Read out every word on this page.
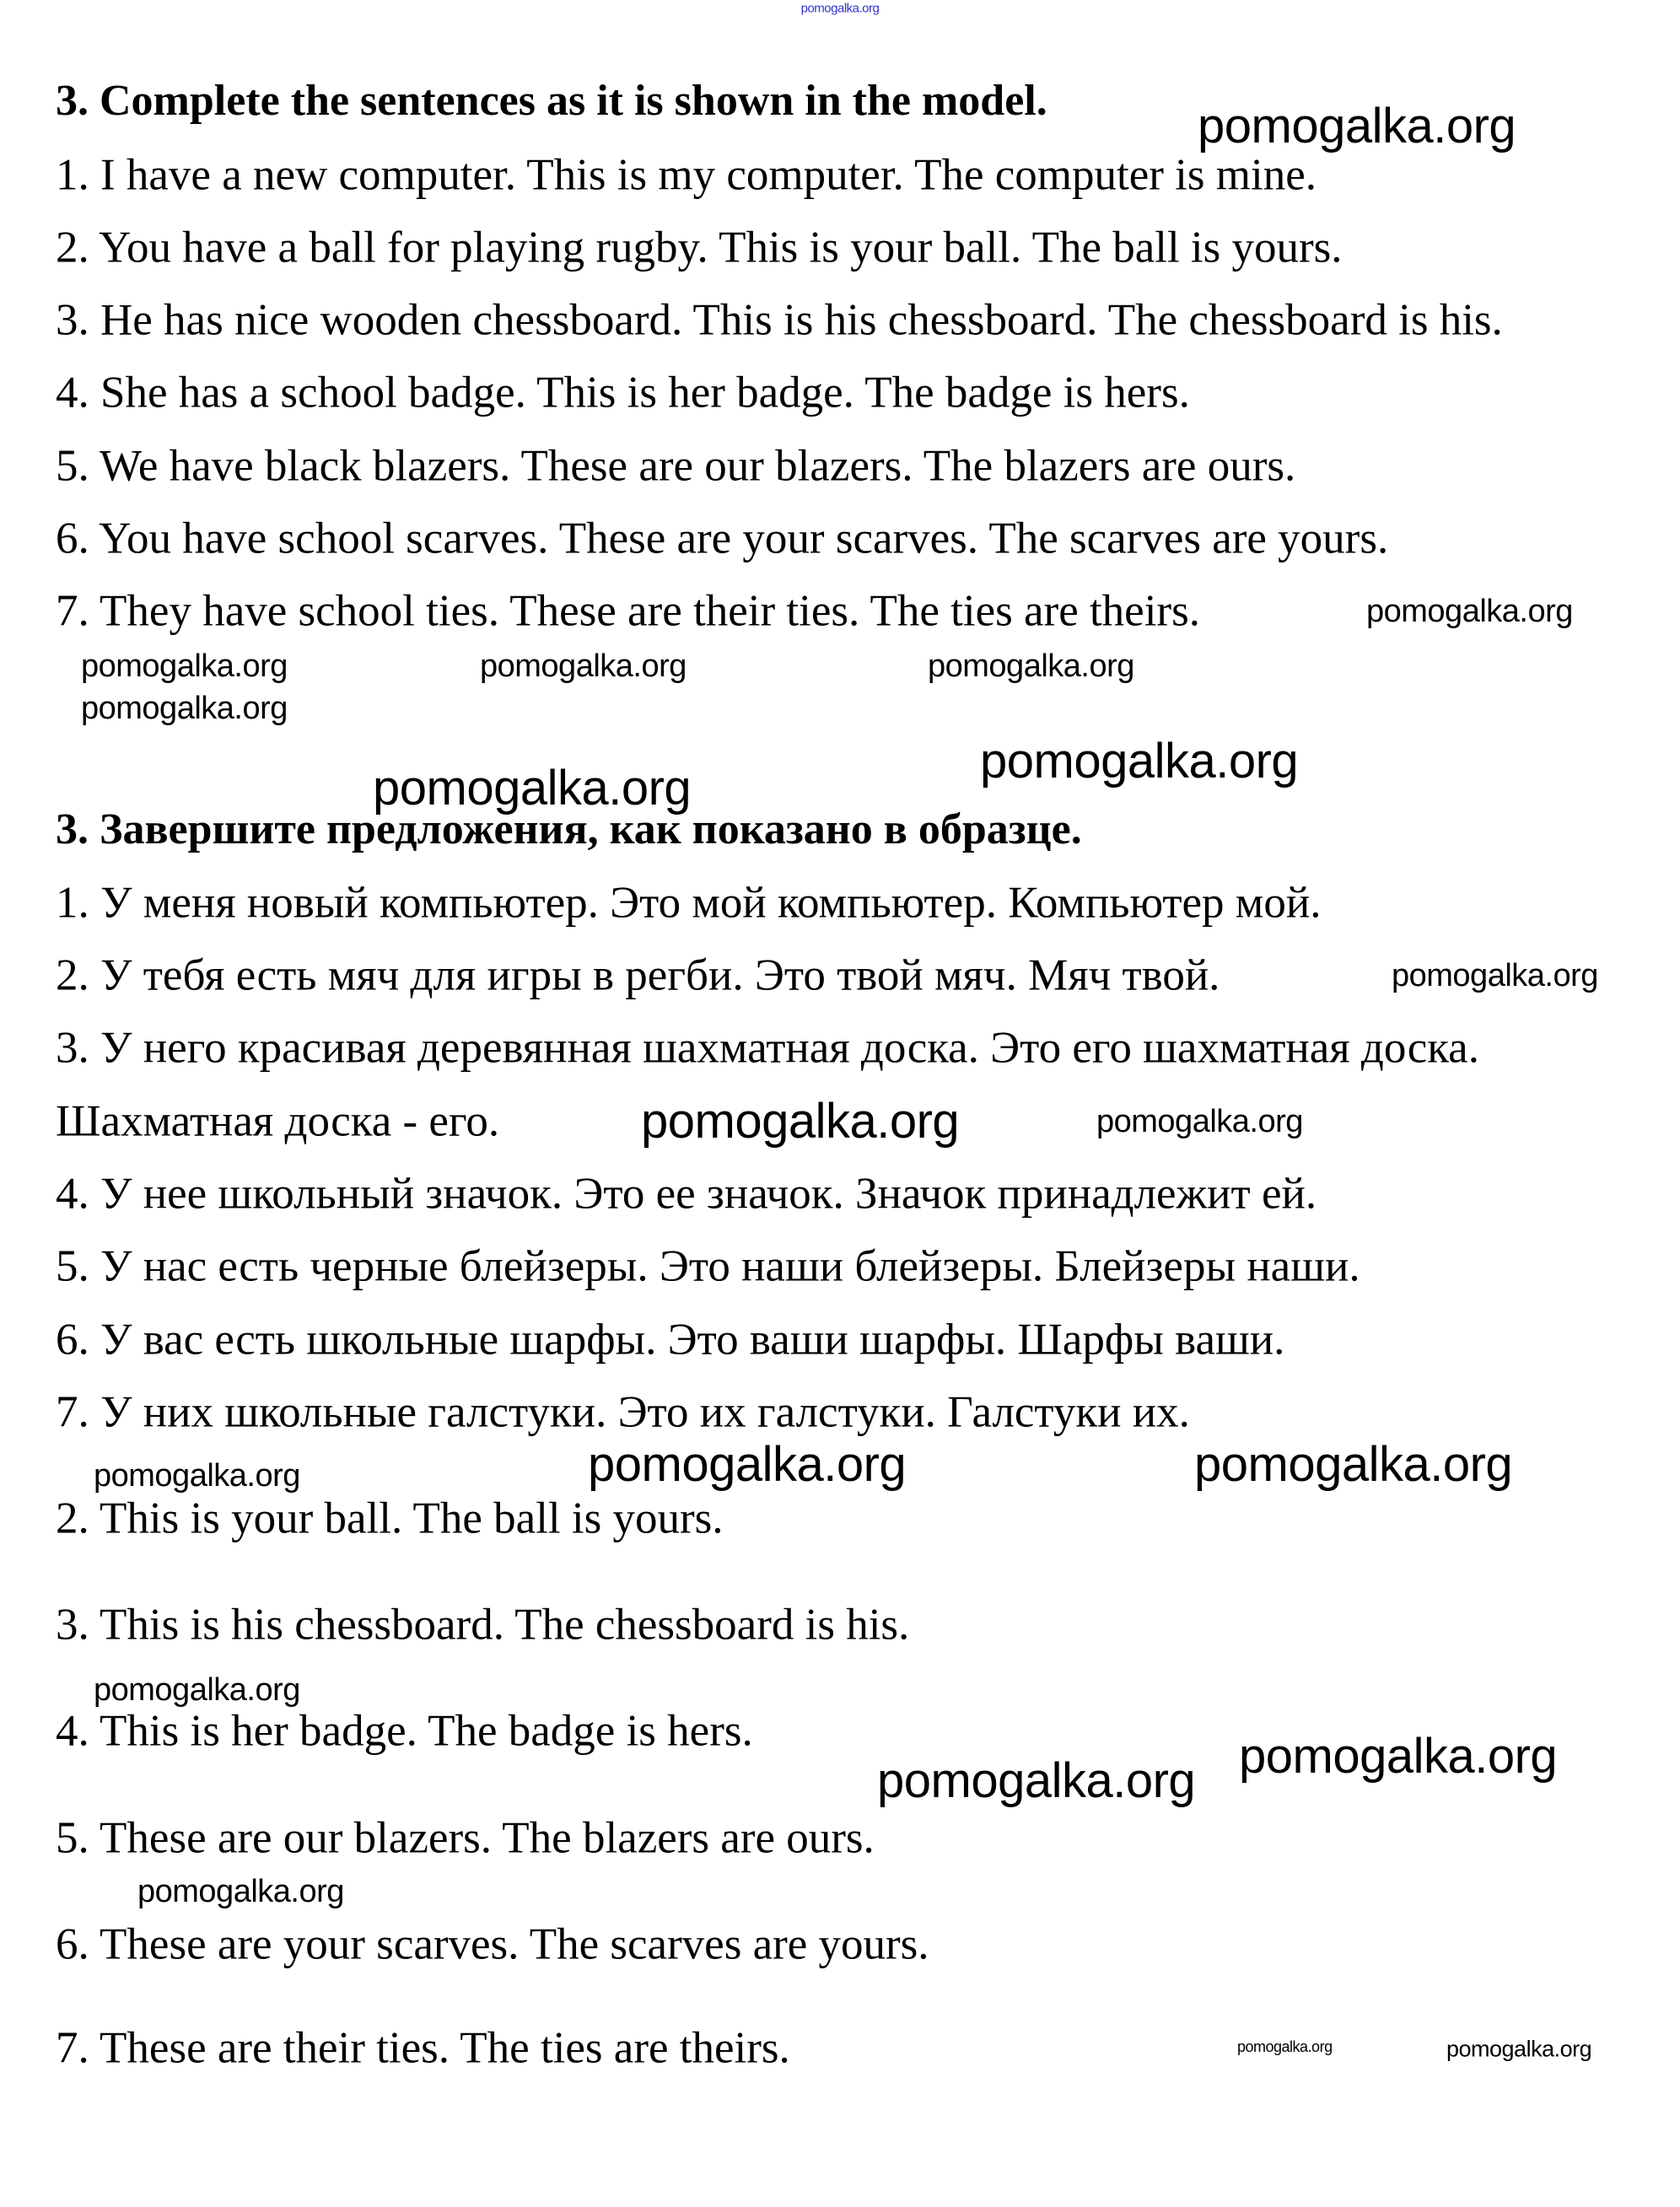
pomogalka.org
3. Complete the sentences as it is shown in the model.
1. I have a new computer. This is my computer. The computer is mine.
2. You have a ball for playing rugby. This is your ball. The ball is yours.
3. He has nice wooden chessboard. This is his chessboard. The chessboard is his.
4. She has a school badge. This is her badge. The badge is hers.
5. We have black blazers. These are our blazers. The blazers are ours.
6. You have school scarves. These are your scarves. The scarves are yours.
7. They have school ties. These are their ties. The ties are theirs.
3. Завершите предложения, как показано в образце.
1. У меня новый компьютер. Это мой компьютер. Компьютер мой.
2. У тебя есть мяч для игры в регби. Это твой мяч. Мяч твой.
3. У него красивая деревянная шахматная доска. Это его шахматная доска.
Шахматная доска - его.
4. У нее школьный значок. Это ее значок. Значок принадлежит ей.
5. У нас есть черные блейзеры. Это наши блейзеры. Блейзеры наши.
6. У вас есть школьные шарфы. Это ваши шарфы. Шарфы ваши.
7. У них школьные галстуки. Это их галстуки. Галстуки их.
2. This is your ball. The ball is yours.
3. This is his chessboard. The chessboard is his.
4. This is her badge. The badge is hers.
5. These are our blazers. The blazers are ours.
6. These are your scarves. The scarves are yours.
7. These are their ties. The ties are theirs.
pomogalka.org
pomogalka.org	pomogalka.org
pomogalka.org
pomogalka.org
pomogalka.org
pomogalka.org	pomogalka.org
pomogalka.org	pomogalka.org
pomogalka.org
pomogalka.org	pomogalka.org	pomogalka.org
pomogalka.org
pomogalka.org
pomogalka.org
pomogalka.org
pomogalka.org	pomogalka.org
